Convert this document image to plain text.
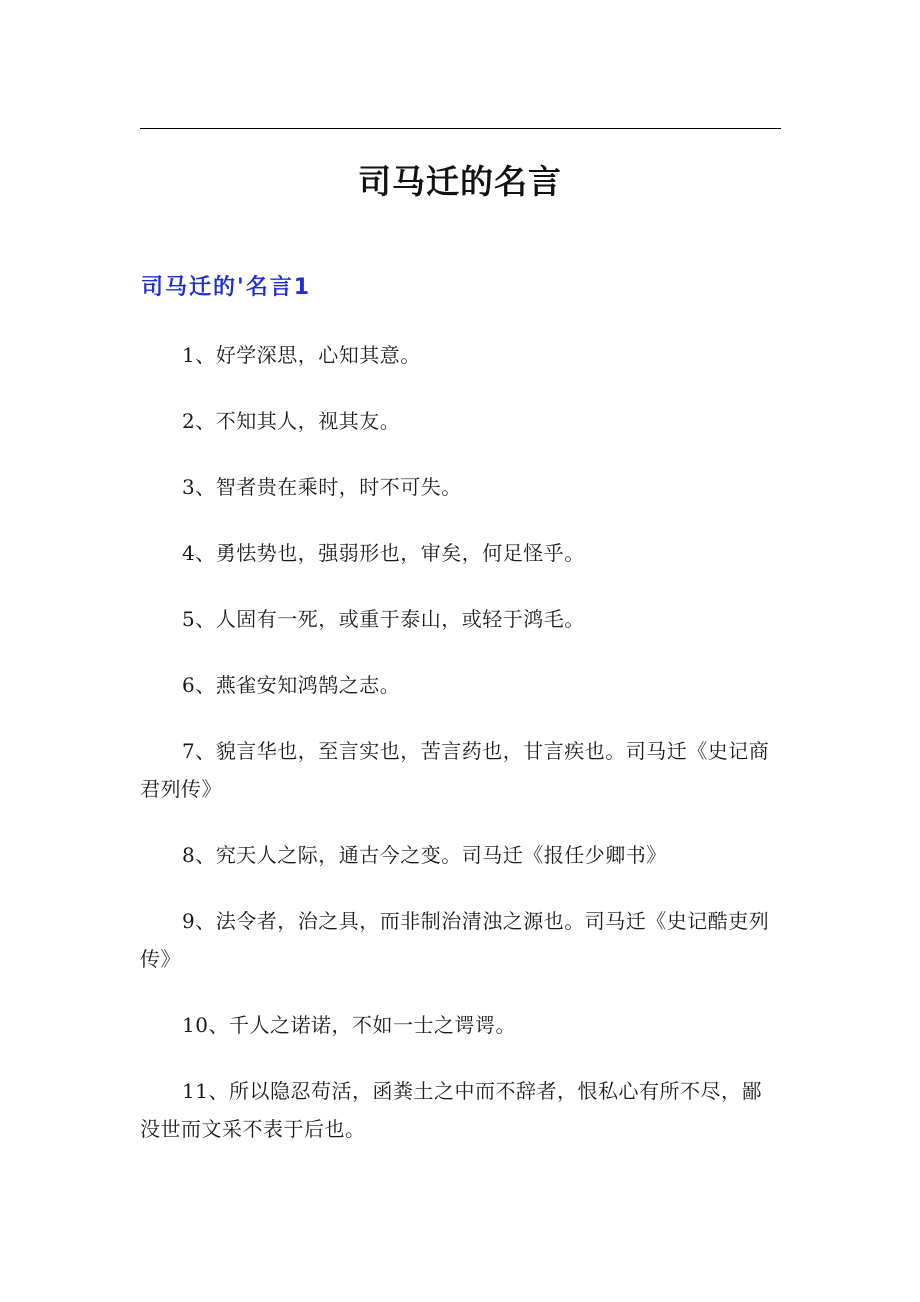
司马迁的名言
司马迁的'名言1
1、好学深思，心知其意。
2、不知其人，视其友。
3、智者贵在乘时，时不可失。
4、勇怯势也，强弱形也，审矣，何足怪乎。
5、人固有一死，或重于泰山，或轻于鸿毛。
6、燕雀安知鸿鹄之志。
7、貌言华也，至言实也，苦言药也，甘言疾也。司马迁《史记商君列传》
8、究天人之际，通古今之变。司马迁《报任少卿书》
9、法令者，治之具，而非制治清浊之源也。司马迁《史记酷吏列传》
10、千人之诺诺，不如一士之谔谔。
11、所以隐忍苟活，函粪土之中而不辞者，恨私心有所不尽，鄙没世而文采不表于后也。
